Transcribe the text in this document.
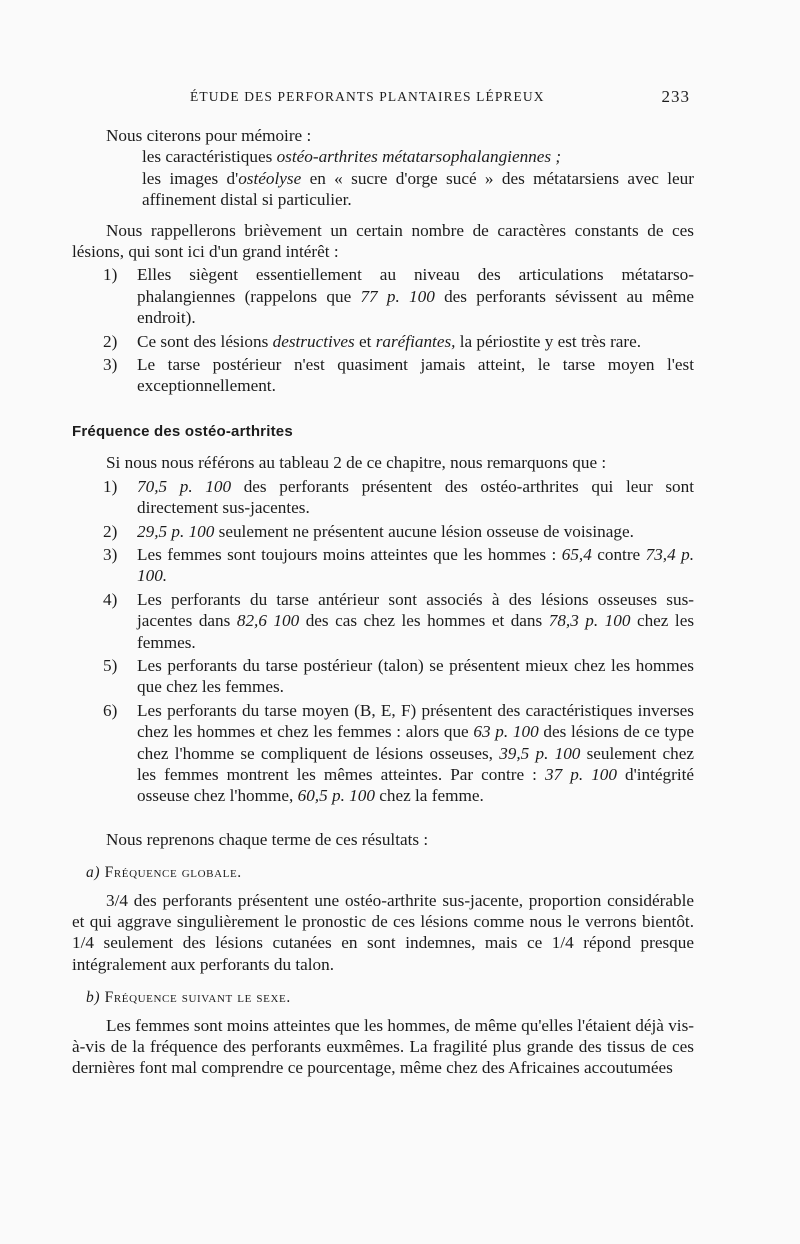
ÉTUDE DES PERFORANTS PLANTAIRES LÉPREUX	233

Nous citerons pour mémoire :

les caractéristiques ostéo-arthrites métatarsophalangiennes ;

les images d'ostéolyse en « sucre d'orge sucé » des métatarsiens avec leur affinement distal si particulier.

Nous rappellerons brièvement un certain nombre de caractères constants de ces lésions, qui sont ici d'un grand intérêt :

1) Elles siègent essentiellement au niveau des articulations métatarso-phalangiennes (rappelons que 77 p. 100 des perforants sévissent au même endroit).
2) Ce sont des lésions destructives et raréfiantes, la périostite y est très rare.
3) Le tarse postérieur n'est quasiment jamais atteint, le tarse moyen l'est exceptionnellement.
Fréquence des ostéo-arthrites

Si nous nous référons au tableau 2 de ce chapitre, nous remarquons que :

1) 70,5 p. 100 des perforants présentent des ostéo-arthrites qui leur sont directement sus-jacentes.
2) 29,5 p. 100 seulement ne présentent aucune lésion osseuse de voisinage.
3) Les femmes sont toujours moins atteintes que les hommes : 65,4 contre 73,4 p. 100.
4) Les perforants du tarse antérieur sont associés à des lésions osseuses sus-jacentes dans 82,6 100 des cas chez les hommes et dans 78,3 p. 100 chez les femmes.
5) Les perforants du tarse postérieur (talon) se présentent mieux chez les hommes que chez les femmes.
6) Les perforants du tarse moyen (B, E, F) présentent des caractéristiques inverses chez les hommes et chez les femmes : alors que 63 p. 100 des lésions de ce type chez l'homme se compliquent de lésions osseuses, 39,5 p. 100 seulement chez les femmes montrent les mêmes atteintes. Par contre : 37 p. 100 d'intégrité osseuse chez l'homme, 60,5 p. 100 chez la femme.

Nous reprenons chaque terme de ces résultats :

a) Fréquence globale.

3/4 des perforants présentent une ostéo-arthrite sus-jacente, proportion considérable et qui aggrave singulièrement le pronostic de ces lésions comme nous le verrons bientôt. 1/4 seulement des lésions cutanées en sont indemnes, mais ce 1/4 répond presque intégralement aux perforants du talon.

b) Fréquence suivant le sexe.

Les femmes sont moins atteintes que les hommes, de même qu'elles l'étaient déjà vis-à-vis de la fréquence des perforants euxmêmes. La fragilité plus grande des tissus de ces dernières font mal comprendre ce pourcentage, même chez des Africaines accoutumées
